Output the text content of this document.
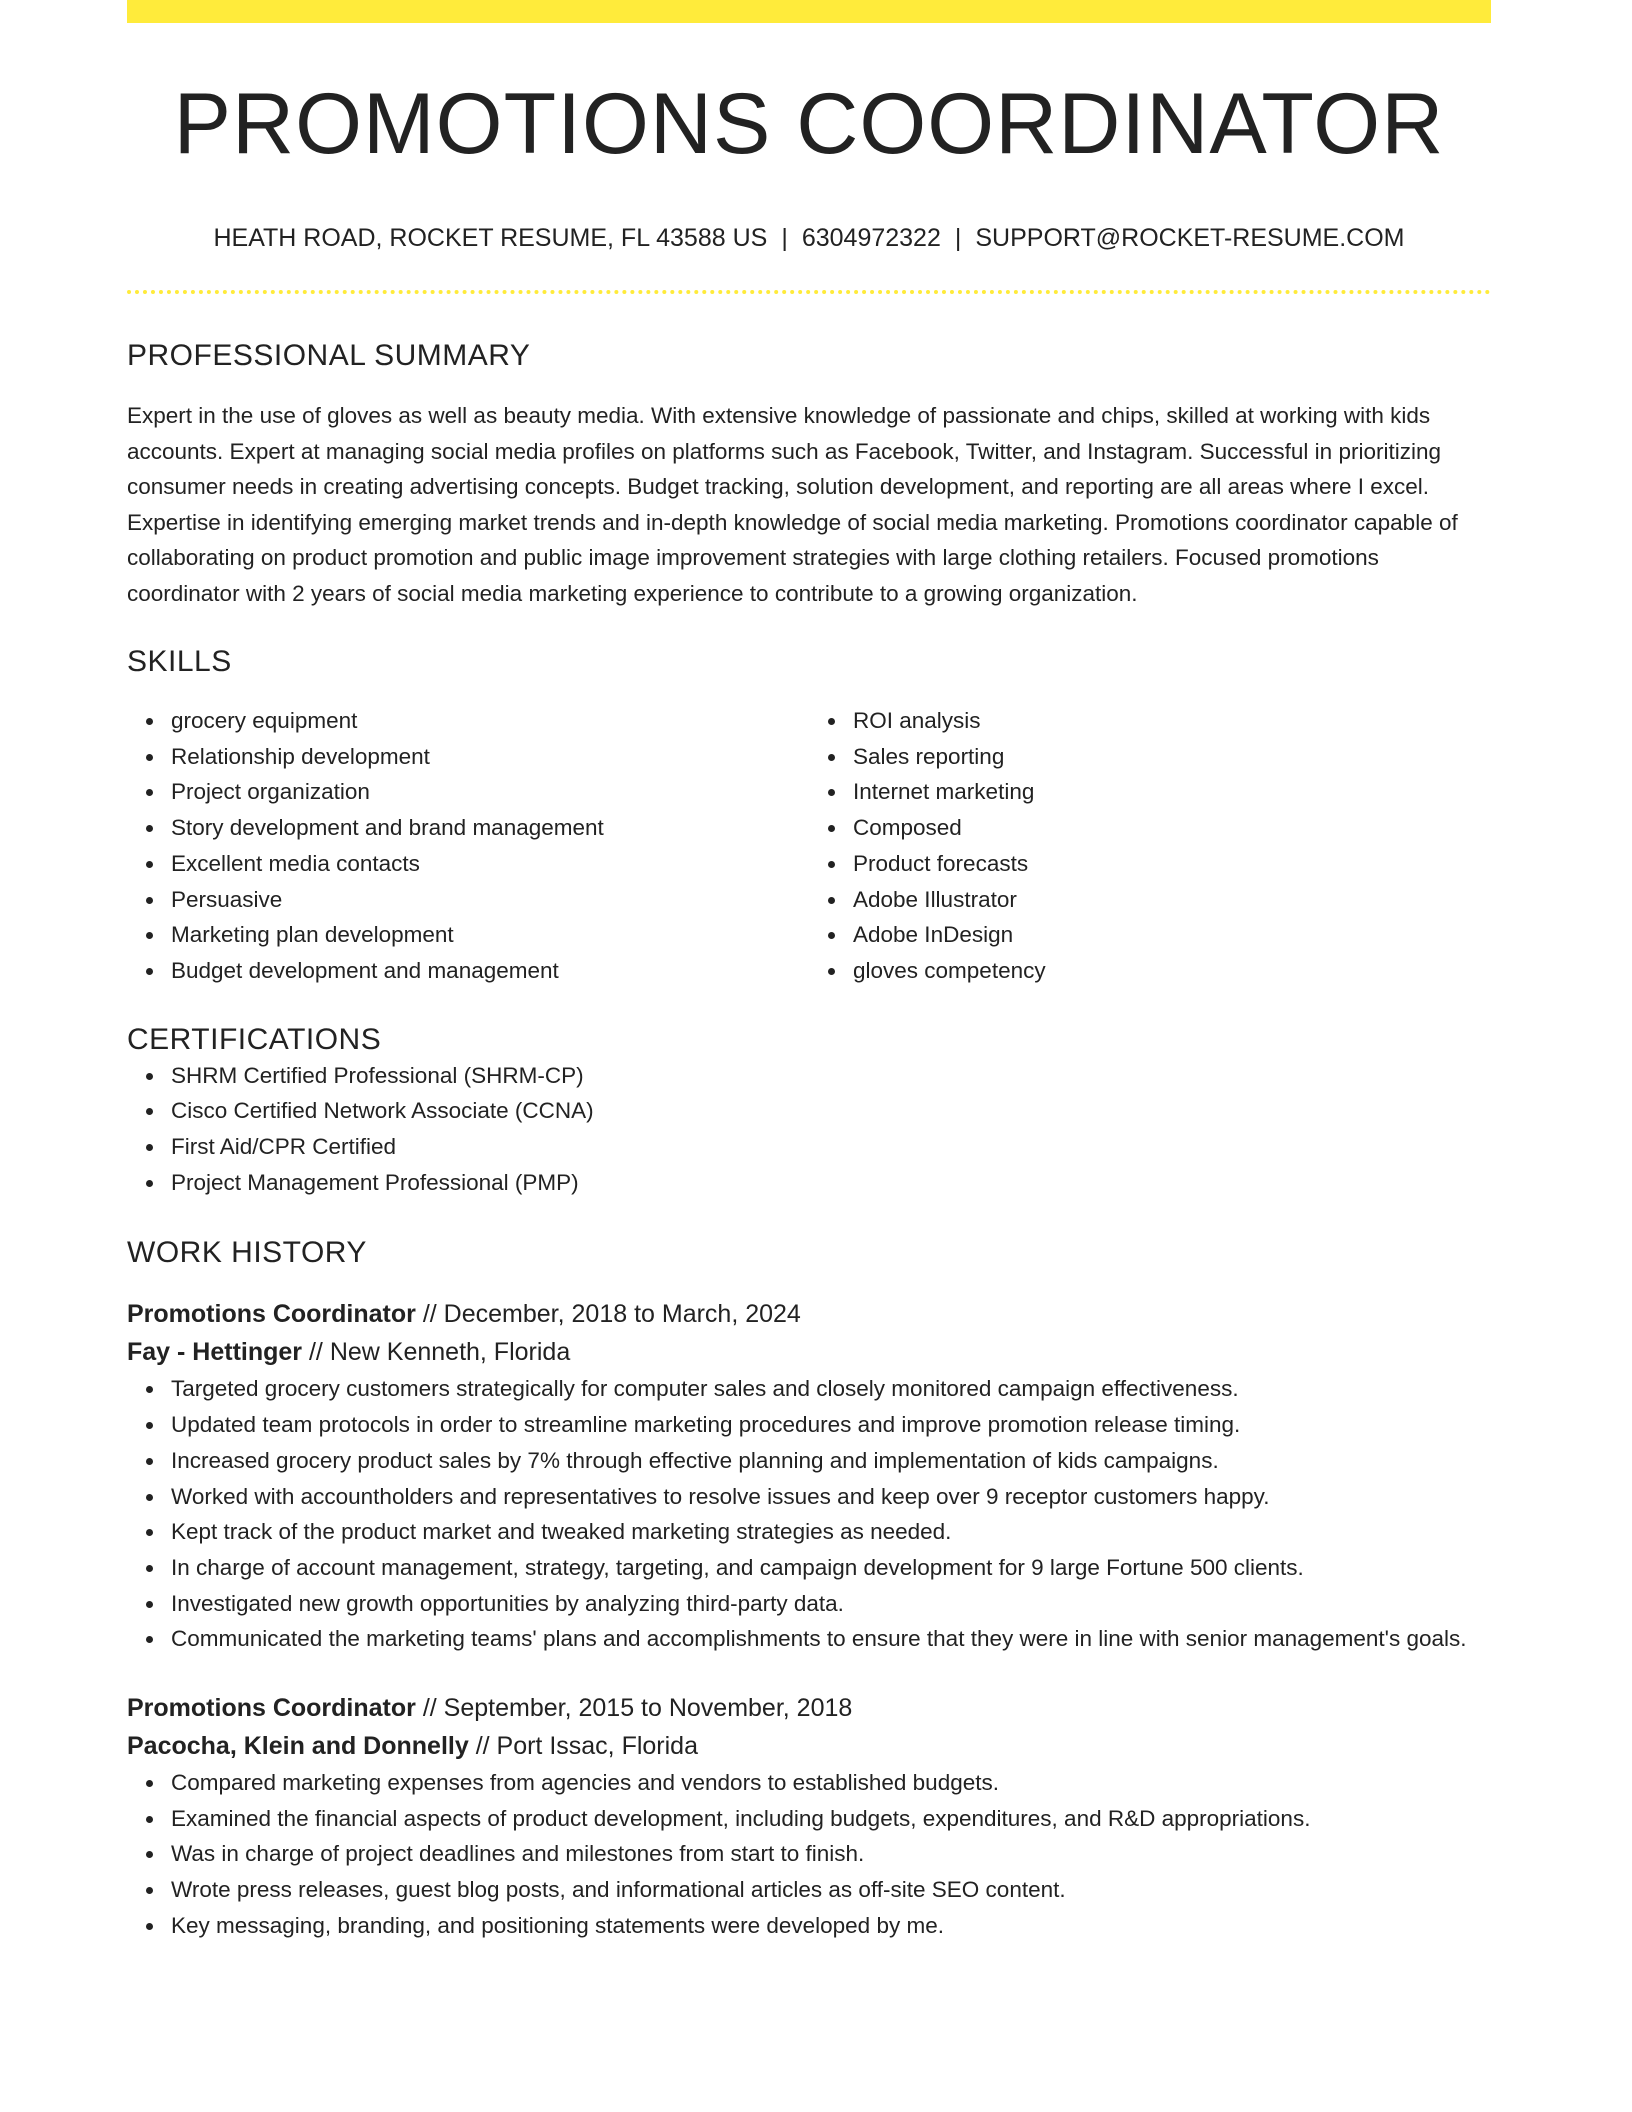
PROMOTIONS COORDINATOR
HEATH ROAD, ROCKET RESUME, FL 43588 US | 6304972322 | SUPPORT@ROCKET-RESUME.COM
PROFESSIONAL SUMMARY

Expert in the use of gloves as well as beauty media. With extensive knowledge of passionate and chips, skilled at working with kids accounts. Expert at managing social media profiles on platforms such as Facebook, Twitter, and Instagram. Successful in prioritizing consumer needs in creating advertising concepts. Budget tracking, solution development, and reporting are all areas where I excel. Expertise in identifying emerging market trends and in-depth knowledge of social media marketing. Promotions coordinator capable of collaborating on product promotion and public image improvement strategies with large clothing retailers. Focused promotions coordinator with 2 years of social media marketing experience to contribute to a growing organization.

SKILLS
grocery equipment
Relationship development
Project organization
Story development and brand management
Excellent media contacts
Persuasive
Marketing plan development
Budget development and management
ROI analysis
Sales reporting
Internet marketing
Composed
Product forecasts
Adobe Illustrator
Adobe InDesign
gloves competency
CERTIFICATIONS
SHRM Certified Professional (SHRM-CP)
Cisco Certified Network Associate (CCNA)
First Aid/CPR Certified
Project Management Professional (PMP)
WORK HISTORY
Promotions Coordinator // December, 2018 to March, 2024
Fay - Hettinger // New Kenneth, Florida
Targeted grocery customers strategically for computer sales and closely monitored campaign effectiveness.
Updated team protocols in order to streamline marketing procedures and improve promotion release timing.
Increased grocery product sales by 7% through effective planning and implementation of kids campaigns.
Worked with accountholders and representatives to resolve issues and keep over 9 receptor customers happy.
Kept track of the product market and tweaked marketing strategies as needed.
In charge of account management, strategy, targeting, and campaign development for 9 large Fortune 500 clients.
Investigated new growth opportunities by analyzing third-party data.
Communicated the marketing teams' plans and accomplishments to ensure that they were in line with senior management's goals.
Promotions Coordinator // September, 2015 to November, 2018
Pacocha, Klein and Donnelly // Port Issac, Florida
Compared marketing expenses from agencies and vendors to established budgets.
Examined the financial aspects of product development, including budgets, expenditures, and R&D appropriations.
Was in charge of project deadlines and milestones from start to finish.
Wrote press releases, guest blog posts, and informational articles as off-site SEO content.
Key messaging, branding, and positioning statements were developed by me.
